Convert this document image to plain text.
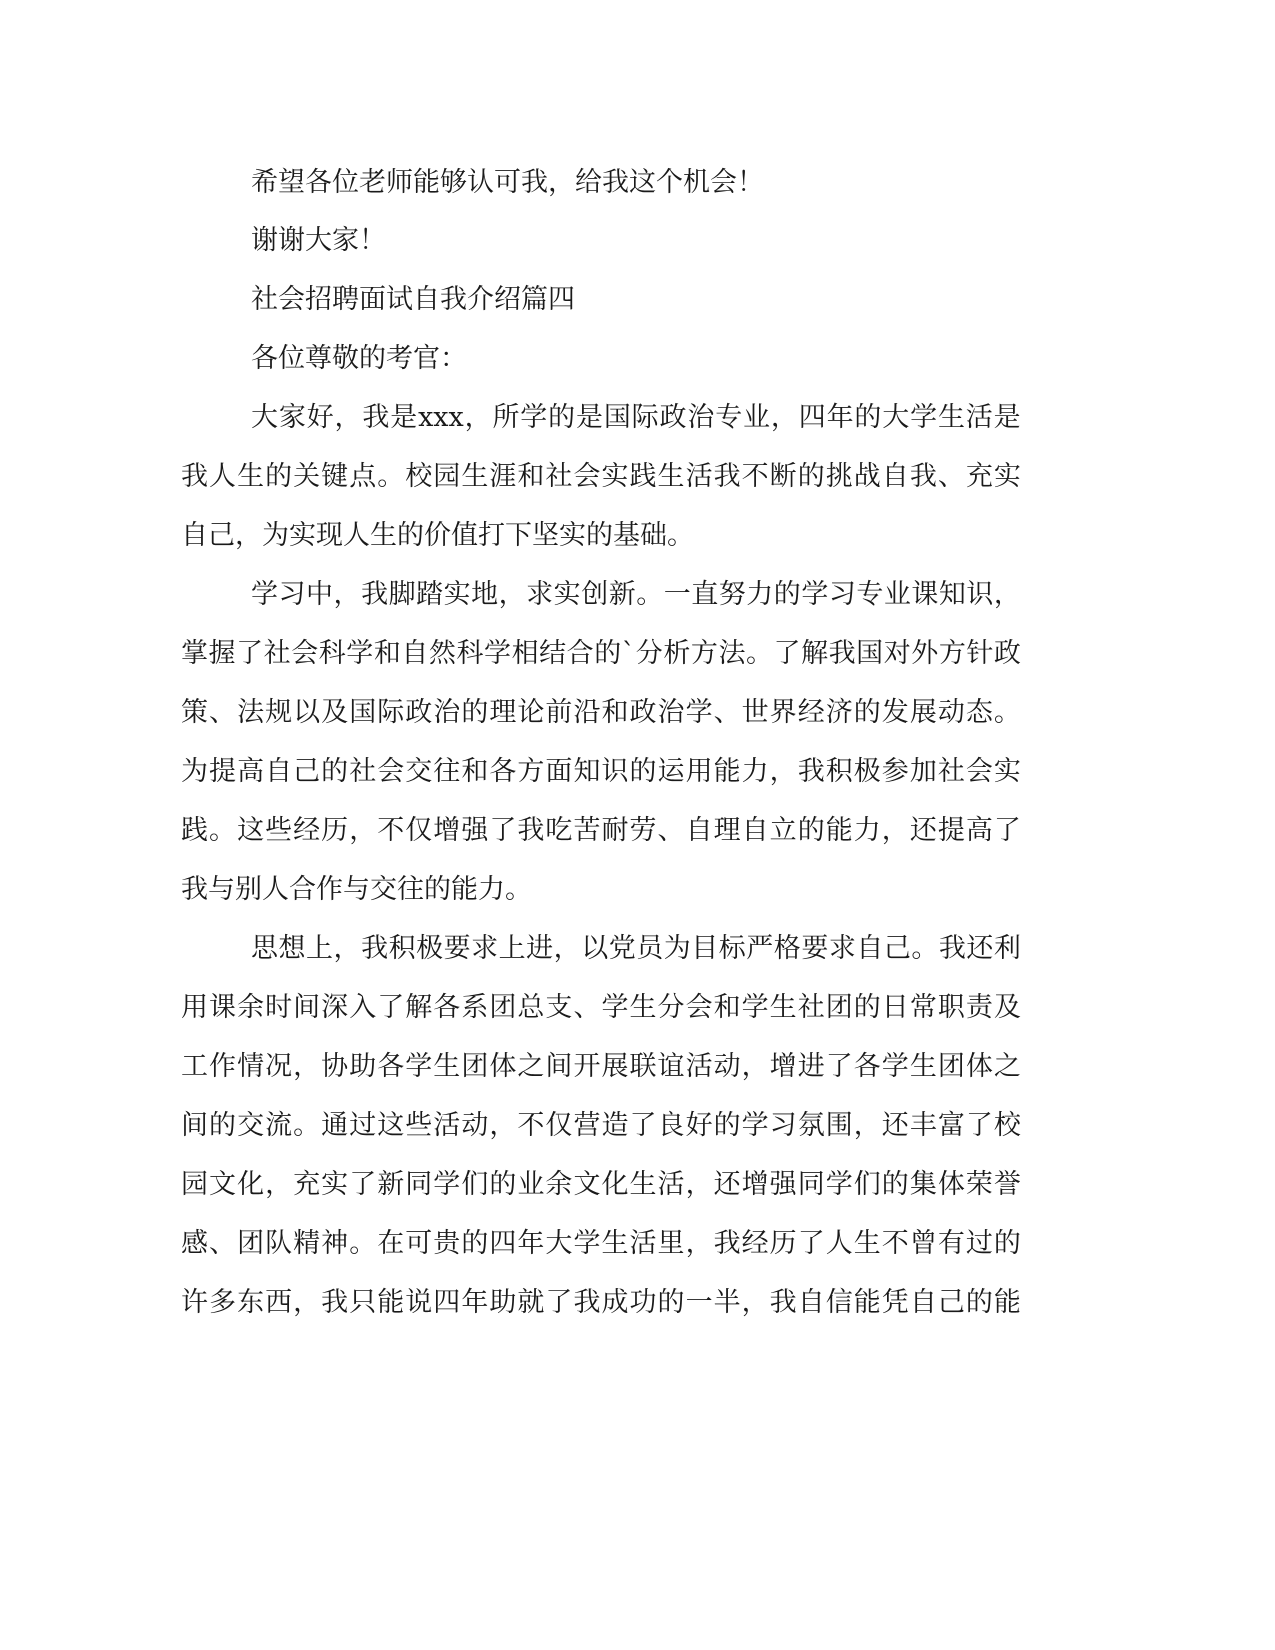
希望各位老师能够认可我，给我这个机会！
谢谢大家！
社会招聘面试自我介绍篇四
各位尊敬的考官：
大 家 好 ， 我 是 xxx ， 所 学 的 是 国 际 政 治 专 业 ， 四 年 的 大 学 生 活 是
我 人 生 的 关 键 点 。 校 园 生 涯 和 社 会 实 践 生 活 我 不 断 的 挑 战 自 我 、 充 实
自己，为实现人生的价值打下坚实的基础。
学 习 中 ， 我 脚 踏 实 地 ， 求 实 创 新 。 一 直 努 力 的 学 习 专 业 课 知 识 ，
掌 握 了 社 会 科 学 和 自 然 科 学 相 结 合 的 ` 分 析 方 法 。 了 解 我 国 对 外 方 针 政
策 、 法 规 以 及 国 际 政 治 的 理 论 前 沿 和 政 治 学 、 世 界 经 济 的 发 展 动 态 。
为 提 高 自 己 的 社 会 交 往 和 各 方 面 知 识 的 运 用 能 力 ， 我 积 极 参 加 社 会 实
践 。 这 些 经 历 ， 不 仅 增 强 了 我 吃 苦 耐 劳 、 自 理 自 立 的 能 力 ， 还 提 高 了
我与别人合作与交往的能力。
思 想 上 ， 我 积 极 要 求 上 进 ， 以 党 员 为 目 标 严 格 要 求 自 己 。 我 还 利
用 课 余 时 间 深 入 了 解 各 系 团 总 支 、 学 生 分 会 和 学 生 社 团 的 日 常 职 责 及
工 作 情 况 ， 协 助 各 学 生 团 体 之 间 开 展 联 谊 活 动 ， 增 进 了 各 学 生 团 体 之
间 的 交 流 。 通 过 这 些 活 动 ， 不 仅 营 造 了 良 好 的 学 习 氛 围 ， 还 丰 富 了 校
园 文 化 ， 充 实 了 新 同 学 们 的 业 余 文 化 生 活 ， 还 增 强 同 学 们 的 集 体 荣 誉
感 、 团 队 精 神 。 在 可 贵 的 四 年 大 学 生 活 里 ， 我 经 历 了 人 生 不 曾 有 过 的
许 多 东 西 ， 我 只 能 说 四 年 助 就 了 我 成 功 的 一 半 ， 我 自 信 能 凭 自 己 的 能
